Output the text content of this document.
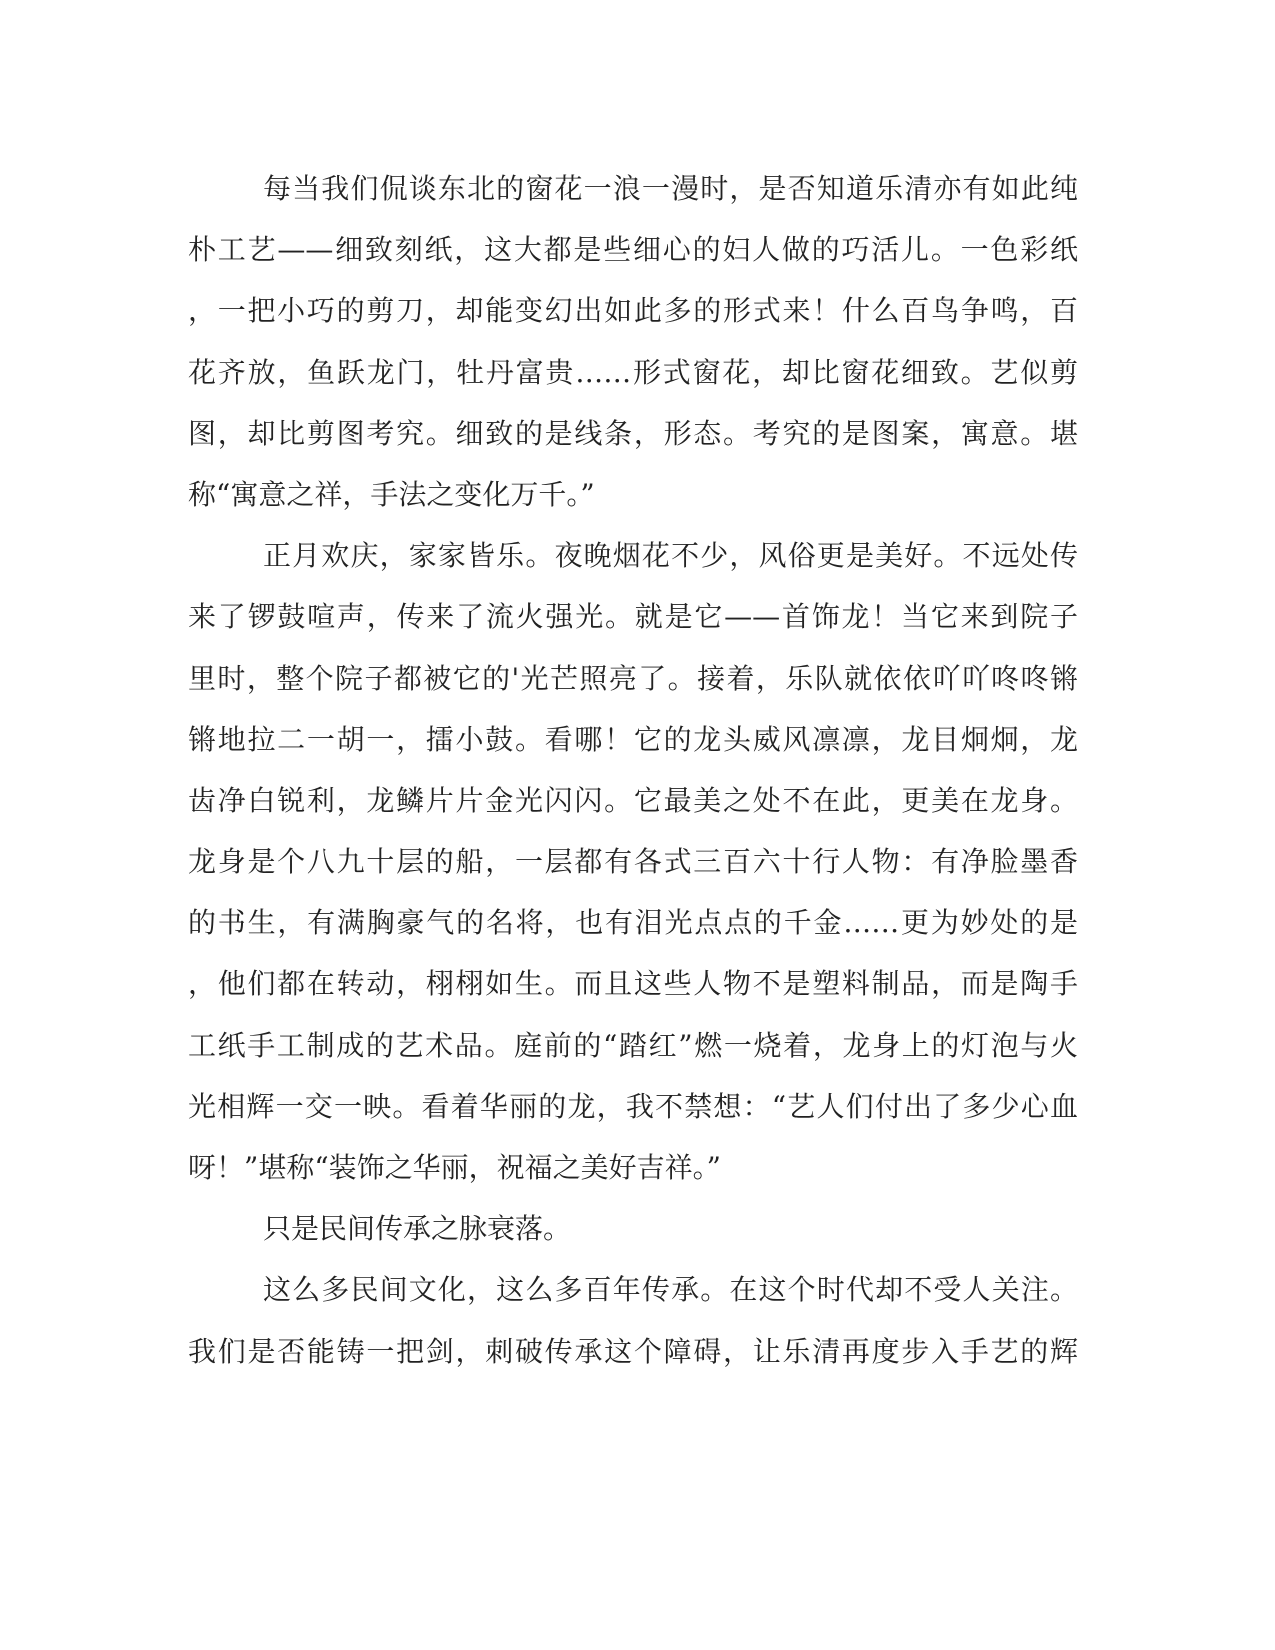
每当我们侃谈东北的窗花一浪一漫时，是否知道乐清亦有如此纯
朴工艺——细致刻纸，这大都是些细心的妇人做的巧活儿。一色彩纸
，一把小巧的剪刀，却能变幻出如此多的形式来！什么百鸟争鸣，百
花齐放，鱼跃龙门，牡丹富贵……形式窗花，却比窗花细致。艺似剪
图，却比剪图考究。细致的是线条，形态。考究的是图案，寓意。堪
称“寓意之祥，手法之变化万千。”
正月欢庆，家家皆乐。夜晚烟花不少，风俗更是美好。不远处传
来了锣鼓喧声，传来了流火强光。就是它——首饰龙！当它来到院子
里时，整个院子都被它的'光芒照亮了。接着，乐队就依依吖吖咚咚锵
锵地拉二一胡一，擂小鼓。看哪！它的龙头威风凛凛，龙目炯炯，龙
齿净白锐利，龙鳞片片金光闪闪。它最美之处不在此，更美在龙身。
龙身是个八九十层的船，一层都有各式三百六十行人物：有净脸墨香
的书生，有满胸豪气的名将，也有泪光点点的千金……更为妙处的是
，他们都在转动，栩栩如生。而且这些人物不是塑料制品，而是陶手
工纸手工制成的艺术品。庭前的“踏红”燃一烧着，龙身上的灯泡与火
光相辉一交一映。看着华丽的龙，我不禁想：“艺人们付出了多少心血
呀！”堪称“装饰之华丽，祝福之美好吉祥。”
只是民间传承之脉衰落。
这么多民间文化，这么多百年传承。在这个时代却不受人关注。
我们是否能铸一把剑，刺破传承这个障碍，让乐清再度步入手艺的辉
